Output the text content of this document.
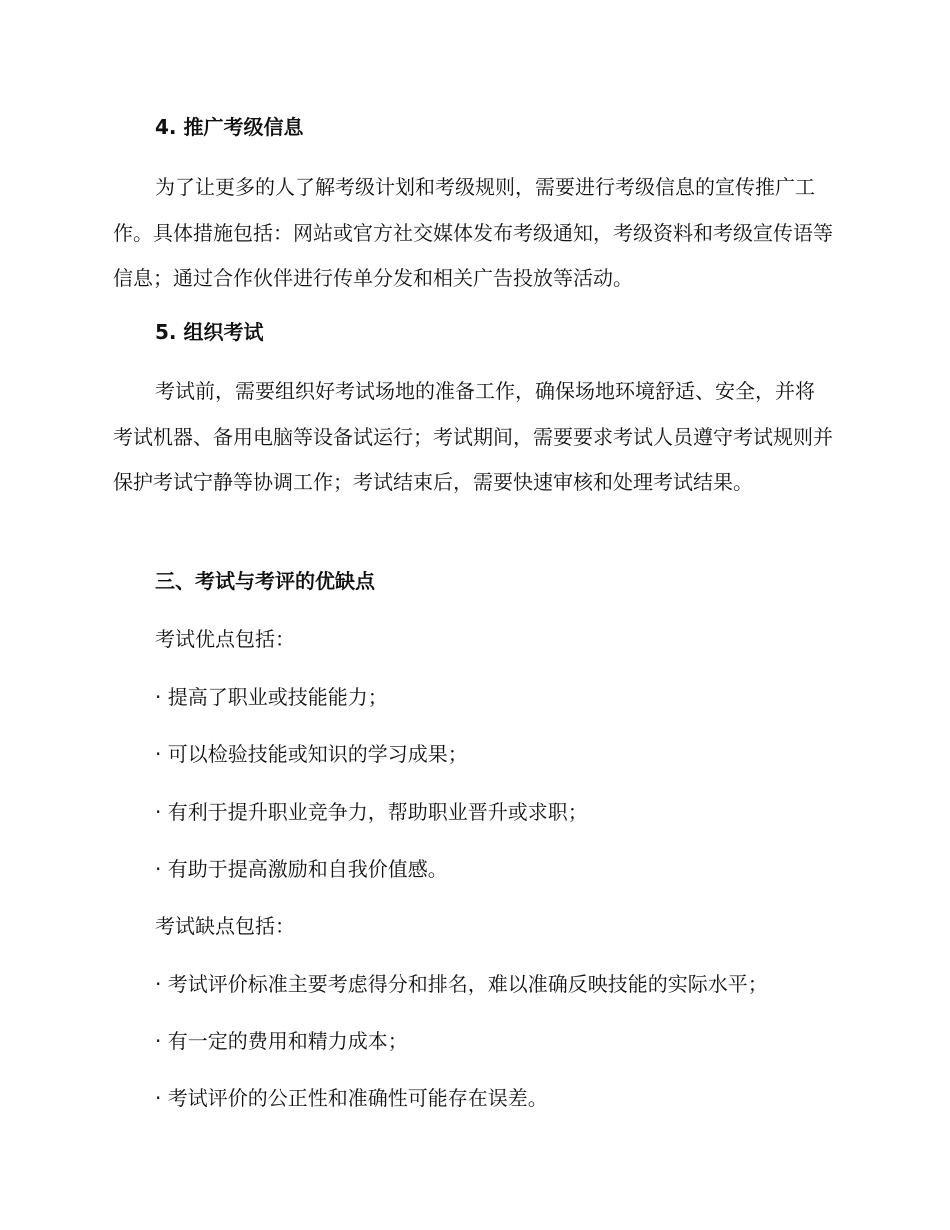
4. 推广考级信息

为了让更多的人了解考级计划和考级规则，需要进行考级信息的宣传推广工作。具体措施包括：网站或官方社交媒体发布考级通知，考级资料和考级宣传语等信息；通过合作伙伴进行传单分发和相关广告投放等活动。

5. 组织考试

考试前，需要组织好考试场地的准备工作，确保场地环境舒适、安全，并将考试机器、备用电脑等设备试运行；考试期间，需要要求考试人员遵守考试规则并保护考试宁静等协调工作；考试结束后，需要快速审核和处理考试结果。

三、考试与考评的优缺点

考试优点包括：

· 提高了职业或技能能力；

· 可以检验技能或知识的学习成果；

· 有利于提升职业竞争力，帮助职业晋升或求职；

· 有助于提高激励和自我价值感。

考试缺点包括：

· 考试评价标准主要考虑得分和排名，难以准确反映技能的实际水平；

· 有一定的费用和精力成本；

· 考试评价的公正性和准确性可能存在误差。
